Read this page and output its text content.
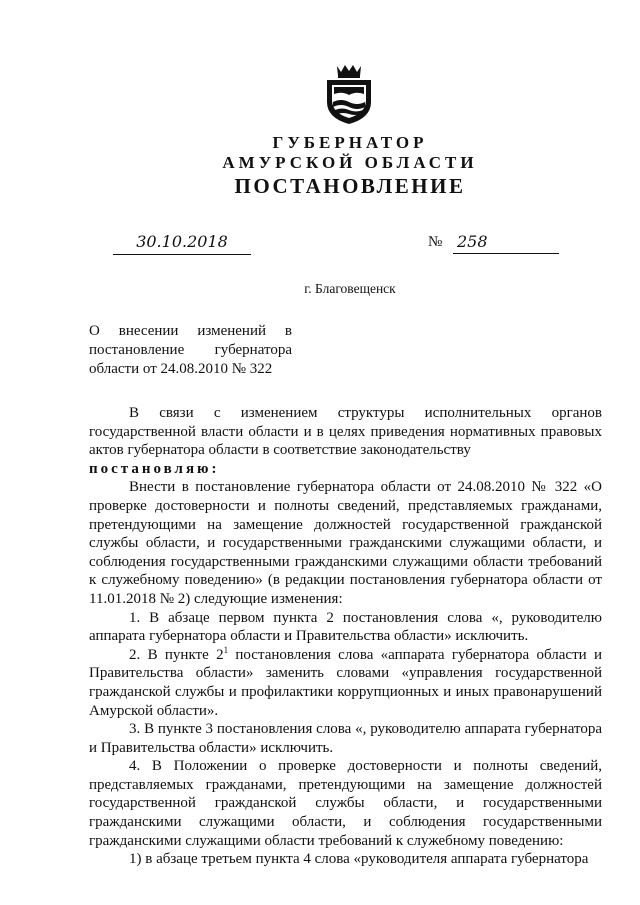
ГУБЕРНАТОР
АМУРСКОЙ ОБЛАСТИ
ПОСТАНОВЛЕНИЕ
30.10.2018	№ 258
г. Благовещенск
О внесении изменений в
постановление губернатора
области от 24.08.2010 № 322

В связи с изменением структуры исполнительных органов государственной власти области и в целях приведения нормативных правовых актов губернатора области в соответствие законодательству

постановляю:

Внести в постановление губернатора области от 24.08.2010 № 322 «О проверке достоверности и полноты сведений, представляемых гражданами, претендующими на замещение должностей государственной гражданской службы области, и государственными гражданскими служащими области, и соблюдения государственными гражданскими служащими области требований к служебному поведению» (в редакции постановления губернатора области от 11.01.2018 № 2) следующие изменения:

1. В абзаце первом пункта 2 постановления слова «, руководителю аппарата губернатора области и Правительства области» исключить.

2. В пункте $2^1$ постановления слова «аппарата губернатора области и Правительства области» заменить словами «управления государственной гражданской службы и профилактики коррупционных и иных правонарушений Амурской области».

3. В пункте 3 постановления слова «, руководителю аппарата губернатора и Правительства области» исключить.

4. В Положении о проверке достоверности и полноты сведений, представляемых гражданами, претендующими на замещение должностей государственной гражданской службы области, и государственными гражданскими служащими области, и соблюдения государственными гражданскими служащими области требований к служебному поведению:

1) в абзаце третьем пункта 4 слова «руководителя аппарата губернатора
